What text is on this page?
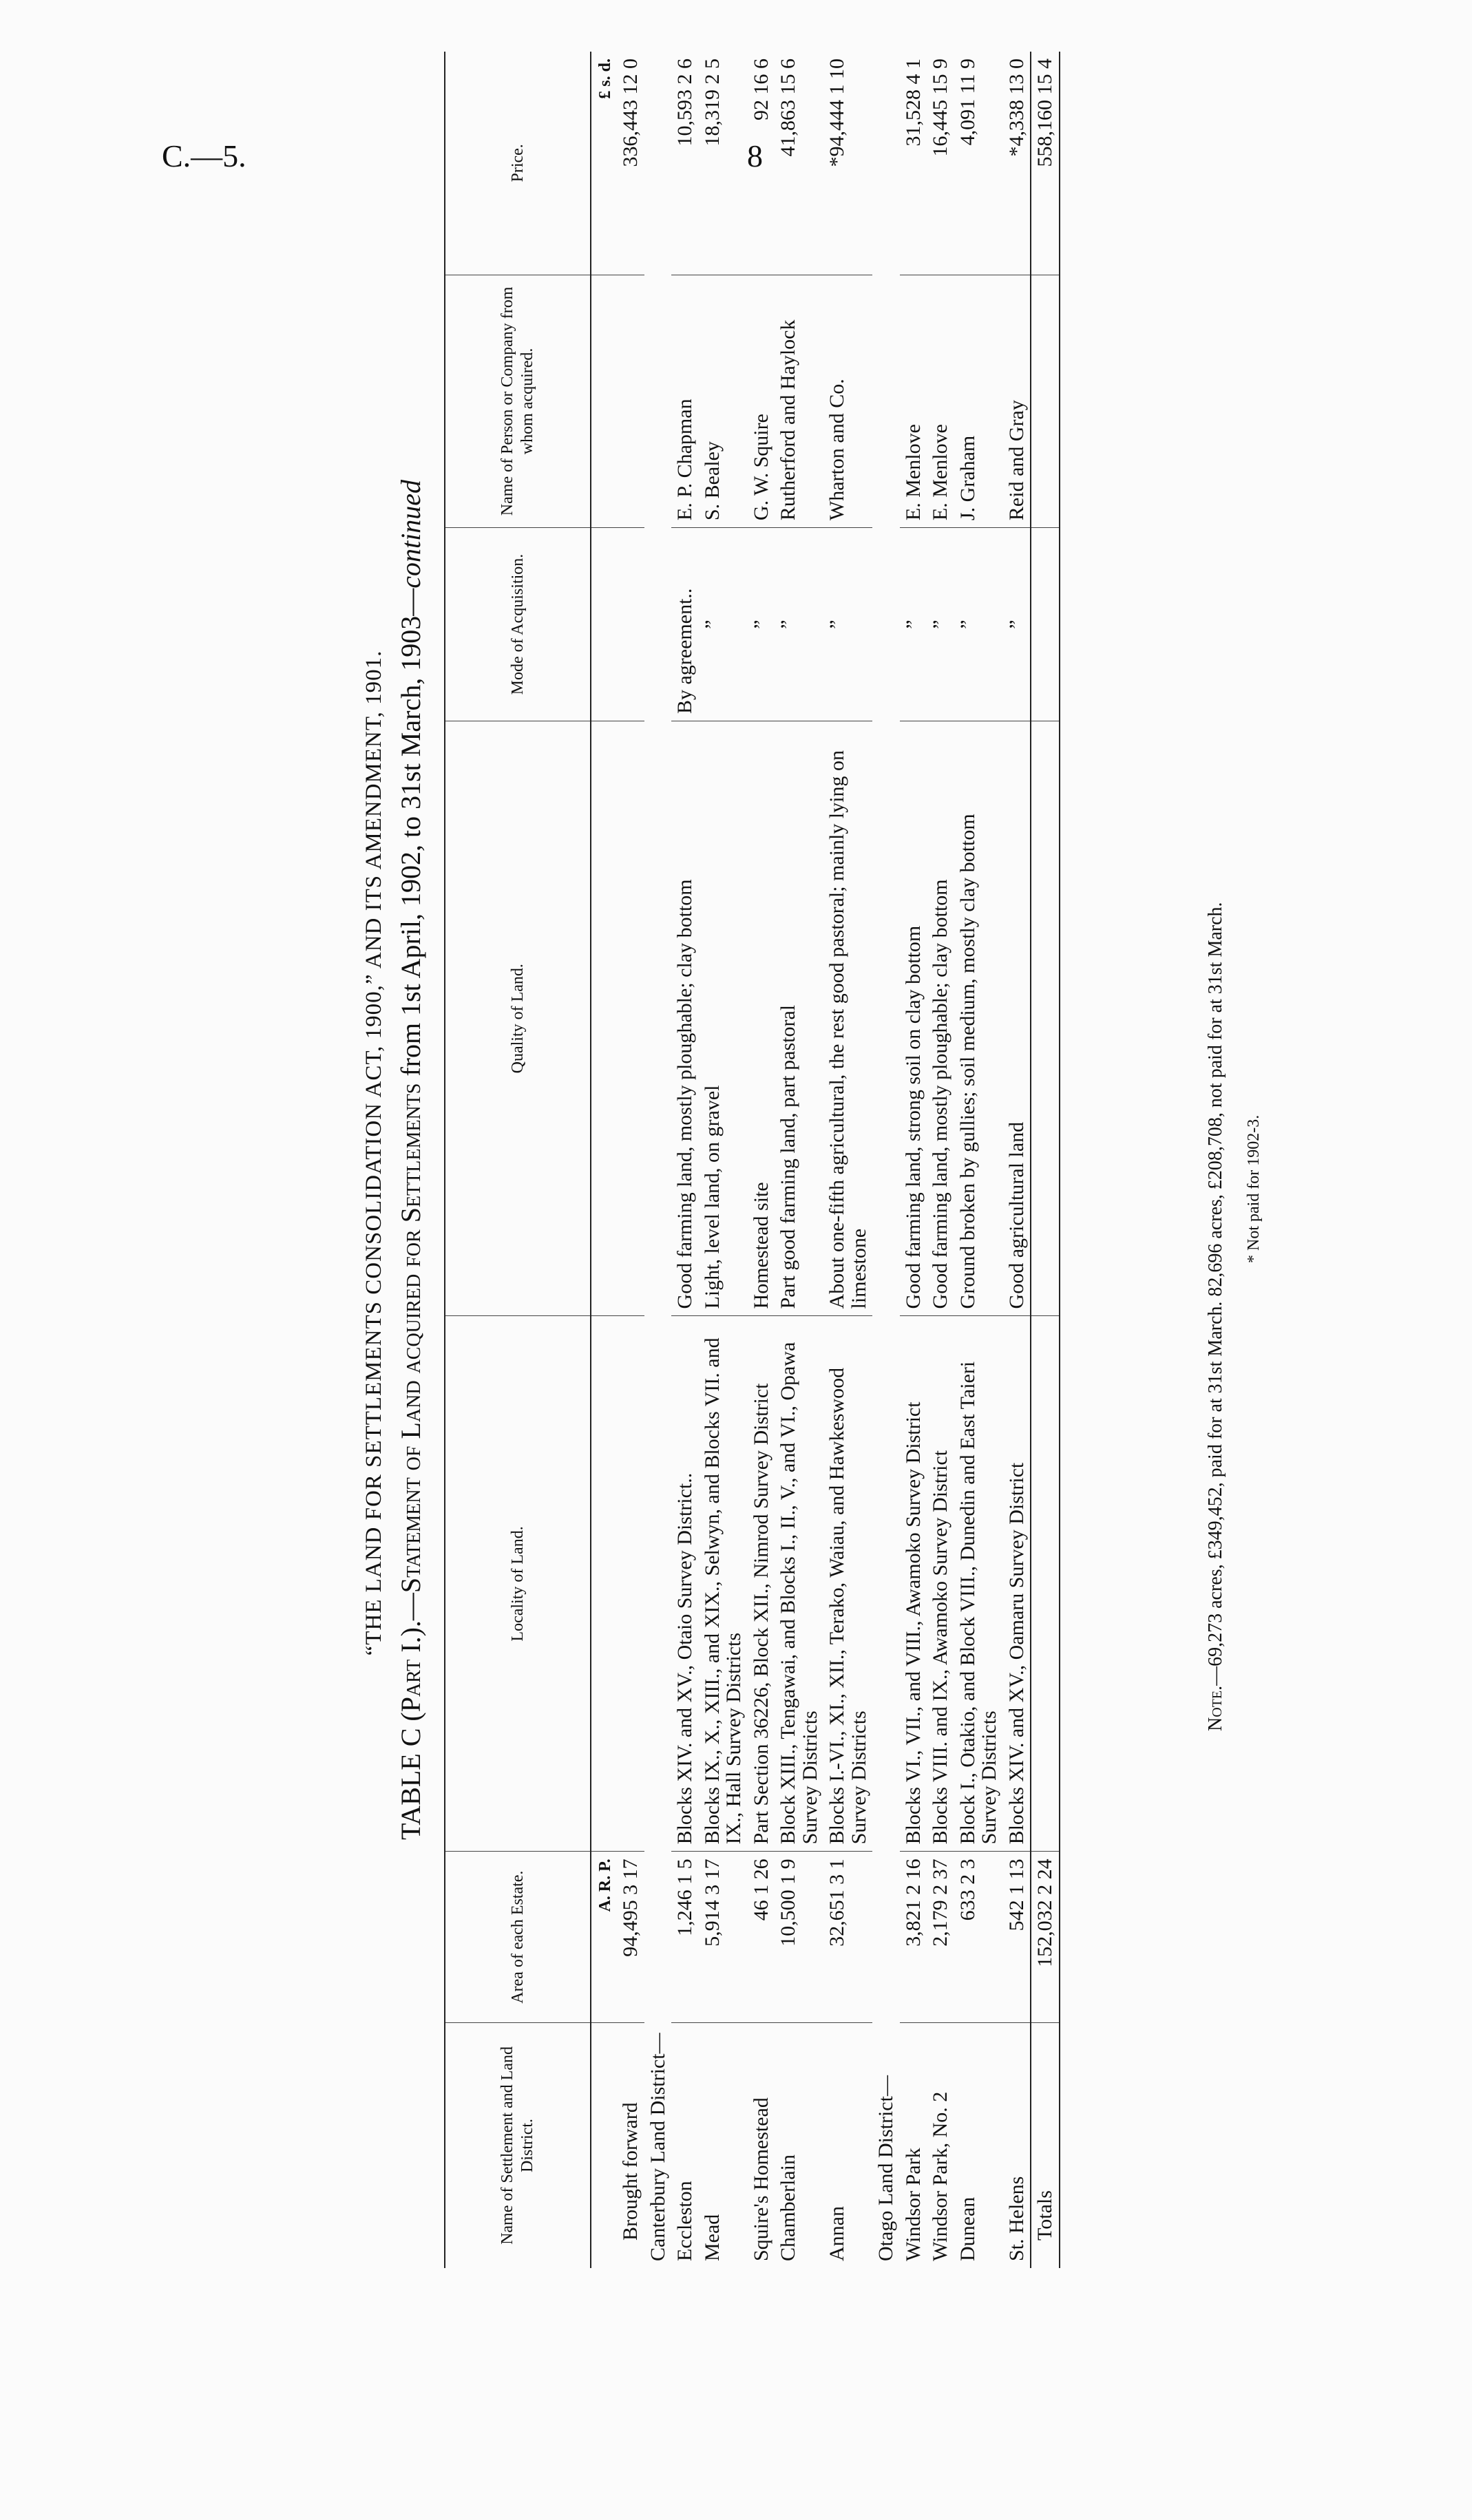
C.—5.	8
“THE LAND FOR SETTLEMENTS CONSOLIDATION ACT, 1900,” AND ITS AMENDMENT, 1901.
TABLE C (Part I.).—Statement of Land acquired for Settlements from 1st April, 1902, to 31st March, 1903—continued
Name of Settlement and Land District.	Area of each Estate.	Locality of Land.	Quality of Land.	Mode of Acquisition.	Name of Person or Company from whom acquired.	Price.
	A. R. P.					£ s. d.
Brought forward	94,495 3 17					336,443 12 0
Canterbury Land District—						
Eccleston	1,246 1 5	Blocks XIV. and XV., Otaio Survey District..	Good farming land, mostly ploughable; clay bottom	By agreement..	E. P. Chapman	10,593 2 6
Mead	5,914 3 17	Blocks IX., X., XIII., and XIX., Selwyn, and Blocks VII. and IX., Hall Survey Districts	Light, level land, on gravel	”	S. Bealey	18,319 2 5
Squire's Homestead	46 1 26	Part Section 36226, Block XII., Nimrod Survey District	Homestead site	”	G. W. Squire	92 16 6
Chamberlain	10,500 1 9	Block XIII., Tengawai, and Blocks I., II., V., and VI., Opawa Survey Districts	Part good farming land, part pastoral	”	Rutherford and Haylock	41,863 15 6
Annan	32,651 3 1	Blocks I.-VI., XI., XII., Terako, Waiau, and Hawkeswood Survey Districts	About one-fifth agricultural, the rest good pastoral; mainly lying on limestone	”	Wharton and Co.	*94,444 1 10
Otago Land District—						
Windsor Park	3,821 2 16	Blocks VI., VII., and VIII., Awamoko Survey District	Good farming land, strong soil on clay bottom	”	E. Menlove	31,528 4 1
Windsor Park, No. 2	2,179 2 37	Blocks VIII. and IX., Awamoko Survey District	Good farming land, mostly ploughable; clay bottom	”	E. Menlove	16,445 15 9
Dunean	633 2 3	Block I., Otakio, and Block VIII., Dunedin and East Taieri Survey Districts	Ground broken by gullies; soil medium, mostly clay bottom	”	J. Graham	4,091 11 9
St. Helens	542 1 13	Blocks XIV. and XV., Oamaru Survey District	Good agricultural land	”	Reid and Gray	*4,338 13 0
Totals	152,032 2 24					558,160 15 4
Note.—69,273 acres, £349,452, paid for at 31st March. 82,696 acres, £208,708, not paid for at 31st March. * Not paid for 1902-3.
